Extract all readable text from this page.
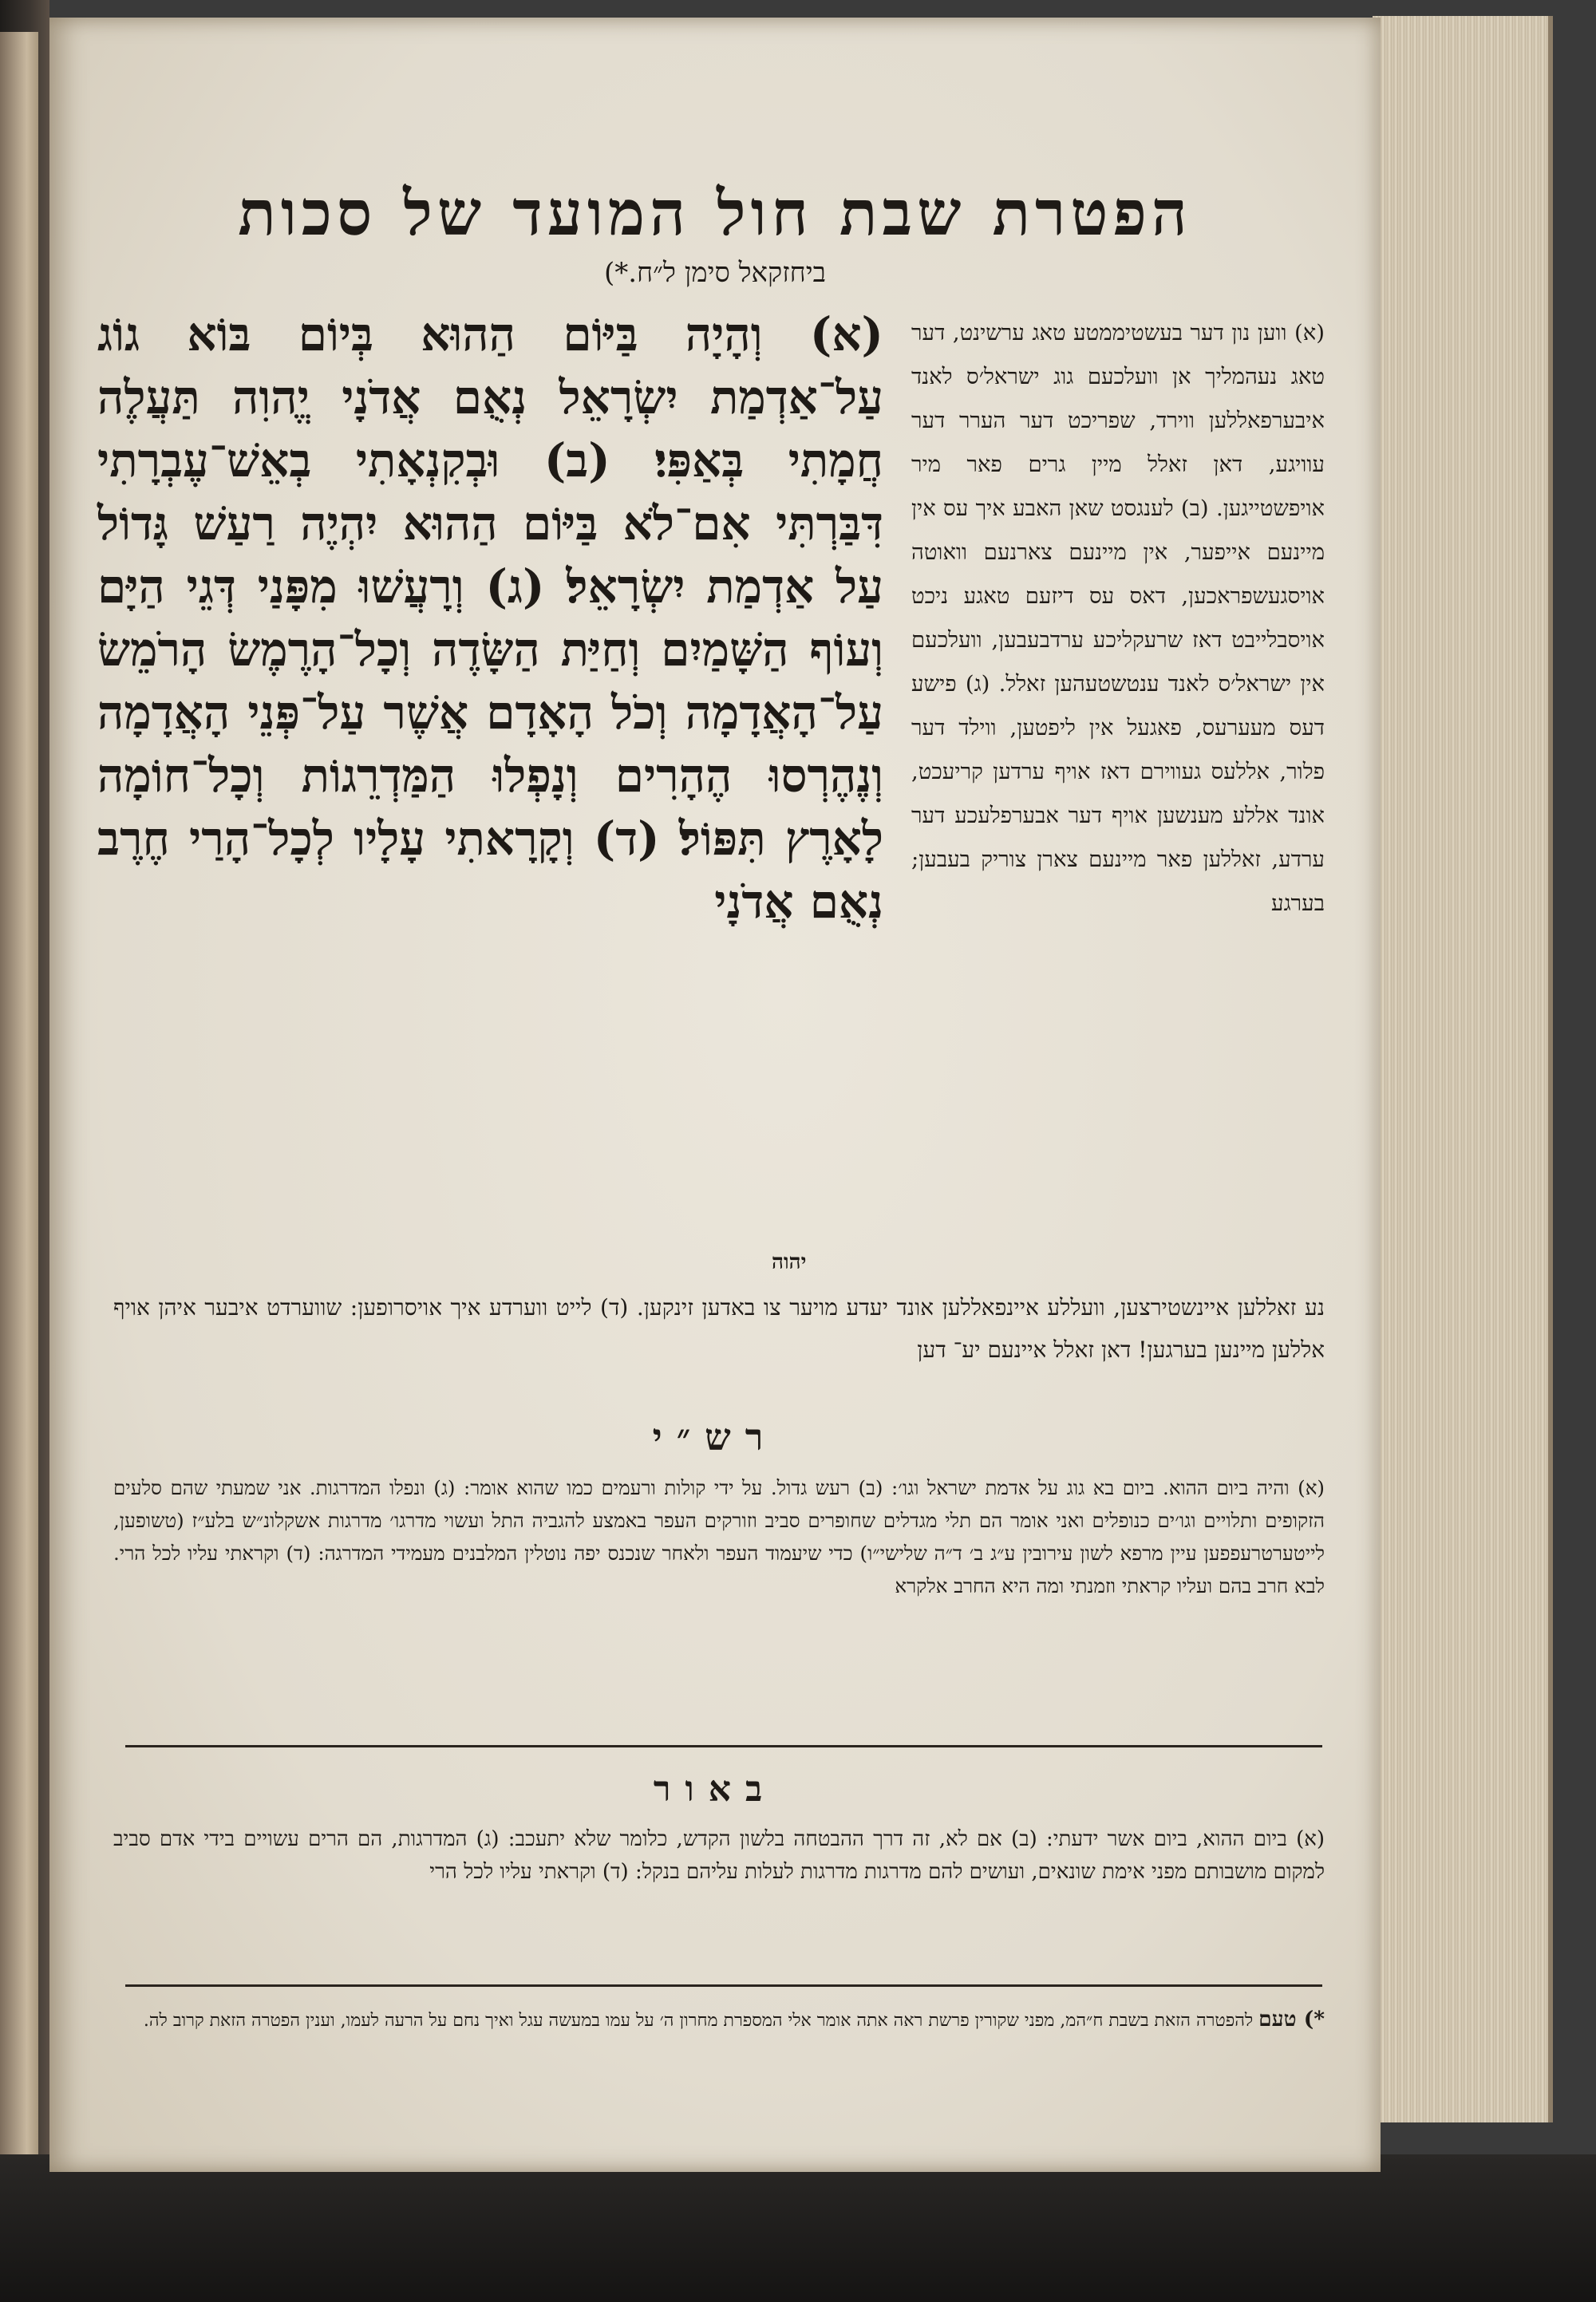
הפטרת שבת חול המועד של סכות
ביחזקאל סימן ל״ח.*)
(א) וְהָיָה בַּיּוֹם הַהוּא בְּיוֹם בּוֹא גוֹג עַל־אַדְמַת יִשְׂרָאֵל נְאֻם אֲדֹנָי יֱהוִה תַּעֲלֶה חֲמָתִי בְּאַפִּי׃ (ב) וּבְקִנְאָתִי בְאֵשׁ־עֶבְרָתִי דִּבַּרְתִּי אִם־לֹא בַּיּוֹם הַהוּא יִהְיֶה רַעַשׁ גָּדוֹל עַל אַדְמַת יִשְׂרָאֵל׃ (ג) וְרָעֲשׁוּ מִפָּנַי דְּגֵי הַיָּם וְעוֹף הַשָּׁמַיִם וְחַיַּת הַשָּׂדֶה וְכָל־הָרֶמֶשׂ הָרֹמֵשׂ עַל־הָאֲדָמָה וְכֹל הָאָדָם אֲשֶׁר עַל־פְּנֵי הָאֲדָמָה וְנֶהֶרְסוּ הֶהָרִים וְנָפְלוּ הַמַּדְרֵגוֹת וְכָל־חוֹמָה לָאָרֶץ תִּפּוֹל׃ (ד) וְקָרָאתִי עָלָיו לְכָל־הָרַי חֶרֶב נְאֻם אֲדֹנָי
יהוה
(א) ווען נון דער בעשטיממטע טאג ערשינט, דער טאג נעהמליך אן וועלכעם גוג ישראל׳ס לאנד איבערפאללען ווירד, שפריכט דער הערר דער עוויגע, דאן זאלל מיין גרים פאר מיר אויפשטייגען. (ב) לענגסט שאן האבע איך עס אין מיינעם אייפער, אין מיינעם צארנעם וואוטה אויסגעשפראכען, דאס עס דיזעם טאגע ניכט אויסבלייבט דאז שרעקליכע ערדבעבען, וועלכעם אין ישראל׳ס לאנד ענטשטעהען זאלל. (ג) פישע דעס מעערעס, פאגעל אין ליפטען, ווילד דער פלור, אללעס געווירם דאז אויף ערדען קריעכט, אונד אללע מענשען אויף דער אבערפלעכע דער ערדע, זאללען פאר מיינעם צארן צוריק בעבען; בערגע
נע זאללען איינשטירצען, וועללע איינפאללען אונד יעדע מויער צו באדען זינקען. (ד) לייט ווערדע איך אויסרופען: שווערדט איבער איהן אויף אללען מיינען בערגען! דאן זאלל איינעם יע־ דען
רש״י
(א) והיה ביום ההוא. ביום בא גוג על אדמת ישראל וגו׳: (ב) רעש גדול. על ידי קולות ורעמים כמו שהוא אומר: (ג) ונפלו המדרגות. אני שמעתי שהם סלעים הזקופים ותלויים וגו׳ים כנופלים ואני אומר הם תלי מגדלים שחופרים סביב וזורקים העפר באמצע להגביה התל ועשוי מדרגו׳ מדרגות אשקלונ״ש בלע״ז (טשופען, לייטערטרעפפען עיין מרפא לשון עירובין ע״ג ב׳ ד״ה שלישי״ו) כדי שיעמוד העפר ולאחר שנכנס יפה נוטלין המלבנים מעמידי המדרגה: (ד) וקראתי עליו לכל הרי. לבא חרב בהם ועליו קראתי וזמנתי ומה היא החרב אלקרא
באור
(א) ביום ההוא, ביום אשר ידעתי: (ב) אם לא, זה דרך ההבטחה בלשון הקדש, כלומר שלא יתעכב: (ג) המדרגות, הם הרים עשויים בידי אדם סביב למקום מושבותם מפני אימת שונאים, ועושים להם מדרגות מדרגות לעלות עליהם בנקל: (ד) וקראתי עליו לכל הרי
*) טעם להפטרה הזאת בשבת ח״המ, מפני שקורין פרשת ראה אתה אומר אלי המספרת מחרון ה׳ על עמו במעשה עגל ואיך נחם על הרעה לעמו, וענין הפטרה הזאת קרוב לה.
